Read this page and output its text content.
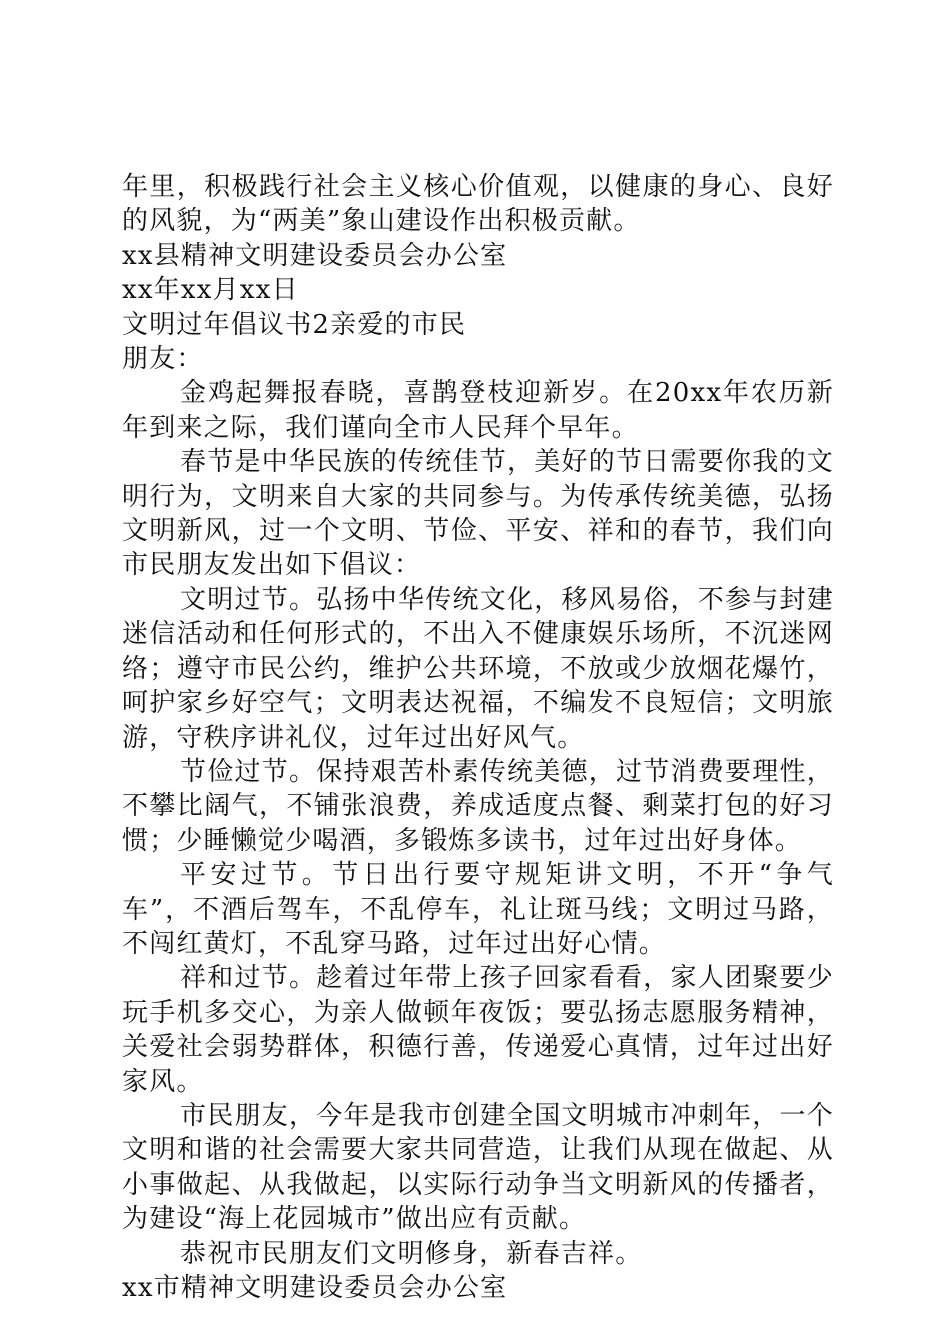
年里，积极践行社会主义核心价值观，以健康的身心、良好的风貌，为“两美”象山建设作出积极贡献。

xx县精神文明建设委员会办公室

xx年xx月xx日

文明过年倡议书2亲爱的市民

朋友：

金鸡起舞报春晓，喜鹊登枝迎新岁。在20xx年农历新年到来之际，我们谨向全市人民拜个早年。

春节是中华民族的传统佳节，美好的节日需要你我的文明行为，文明来自大家的共同参与。为传承传统美德，弘扬文明新风，过一个文明、节俭、平安、祥和的春节，我们向市民朋友发出如下倡议：

文明过节。弘扬中华传统文化，移风易俗，不参与封建迷信活动和任何形式的，不出入不健康娱乐场所，不沉迷网络；遵守市民公约，维护公共环境，不放或少放烟花爆竹，呵护家乡好空气；文明表达祝福，不编发不良短信；文明旅游，守秩序讲礼仪，过年过出好风气。

节俭过节。保持艰苦朴素传统美德，过节消费要理性，不攀比阔气，不铺张浪费，养成适度点餐、剩菜打包的好习惯；少睡懒觉少喝酒，多锻炼多读书，过年过出好身体。

平安过节。节日出行要守规矩讲文明，不开“争气车”，不酒后驾车，不乱停车，礼让斑马线；文明过马路，不闯红黄灯，不乱穿马路，过年过出好心情。

祥和过节。趁着过年带上孩子回家看看，家人团聚要少玩手机多交心，为亲人做顿年夜饭；要弘扬志愿服务精神，关爱社会弱势群体，积德行善，传递爱心真情，过年过出好家风。

市民朋友，今年是我市创建全国文明城市冲刺年，一个文明和谐的社会需要大家共同营造，让我们从现在做起、从小事做起、从我做起，以实际行动争当文明新风的传播者，为建设“海上花园城市”做出应有贡献。

恭祝市民朋友们文明修身，新春吉祥。

xx市精神文明建设委员会办公室
